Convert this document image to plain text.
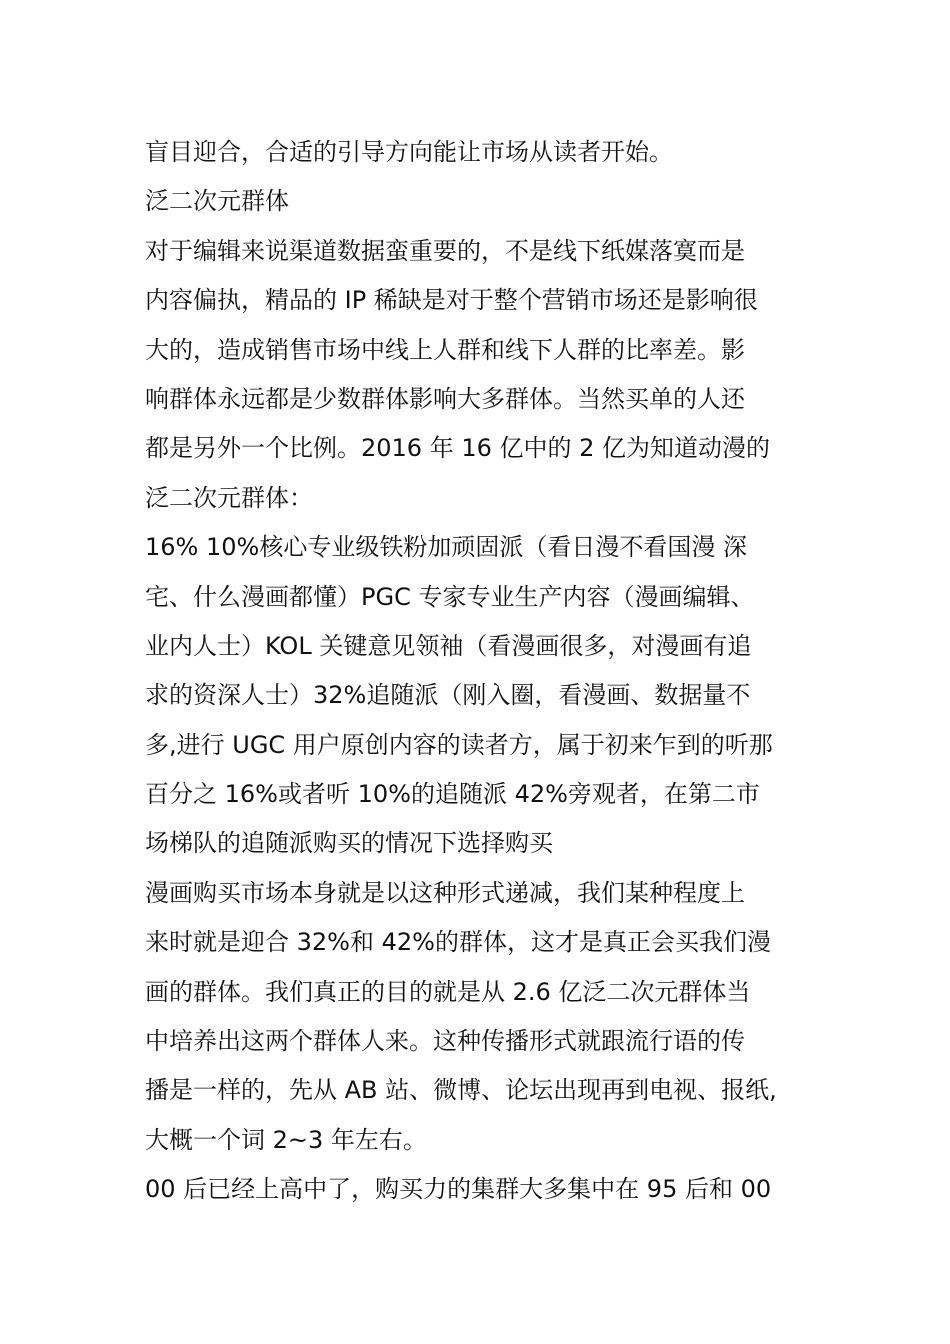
盲目迎合，合适的引导方向能让市场从读者开始。
泛二次元群体
对于编辑来说渠道数据蛮重要的，不是线下纸媒落寞而是
内容偏执，精品的 IP 稀缺是对于整个营销市场还是影响很
大的，造成销售市场中线上人群和线下人群的比率差。影
响群体永远都是少数群体影响大多群体。当然买单的人还
都是另外一个比例。2016 年 16 亿中的 2 亿为知道动漫的
泛二次元群体：
16% 10%核心专业级铁粉加顽固派（看日漫不看国漫 深
宅、什么漫画都懂）PGC 专家专业生产内容（漫画编辑、
业内人士）KOL 关键意见领袖（看漫画很多，对漫画有追
求的资深人士）32%追随派（刚入圈，看漫画、数据量不
多,进行 UGC 用户原创内容的读者方，属于初来乍到的听那
百分之 16%或者听 10%的追随派 42%旁观者，在第二市
场梯队的追随派购买的情况下选择购买
漫画购买市场本身就是以这种形式递减，我们某种程度上
来时就是迎合 32%和 42%的群体，这才是真正会买我们漫
画的群体。我们真正的目的就是从 2.6 亿泛二次元群体当
中培养出这两个群体人来。这种传播形式就跟流行语的传
播是一样的，先从 AB 站、微博、论坛出现再到电视、报纸,
大概一个词 2~3 年左右。
00 后已经上高中了，购买力的集群大多集中在 95 后和 00
